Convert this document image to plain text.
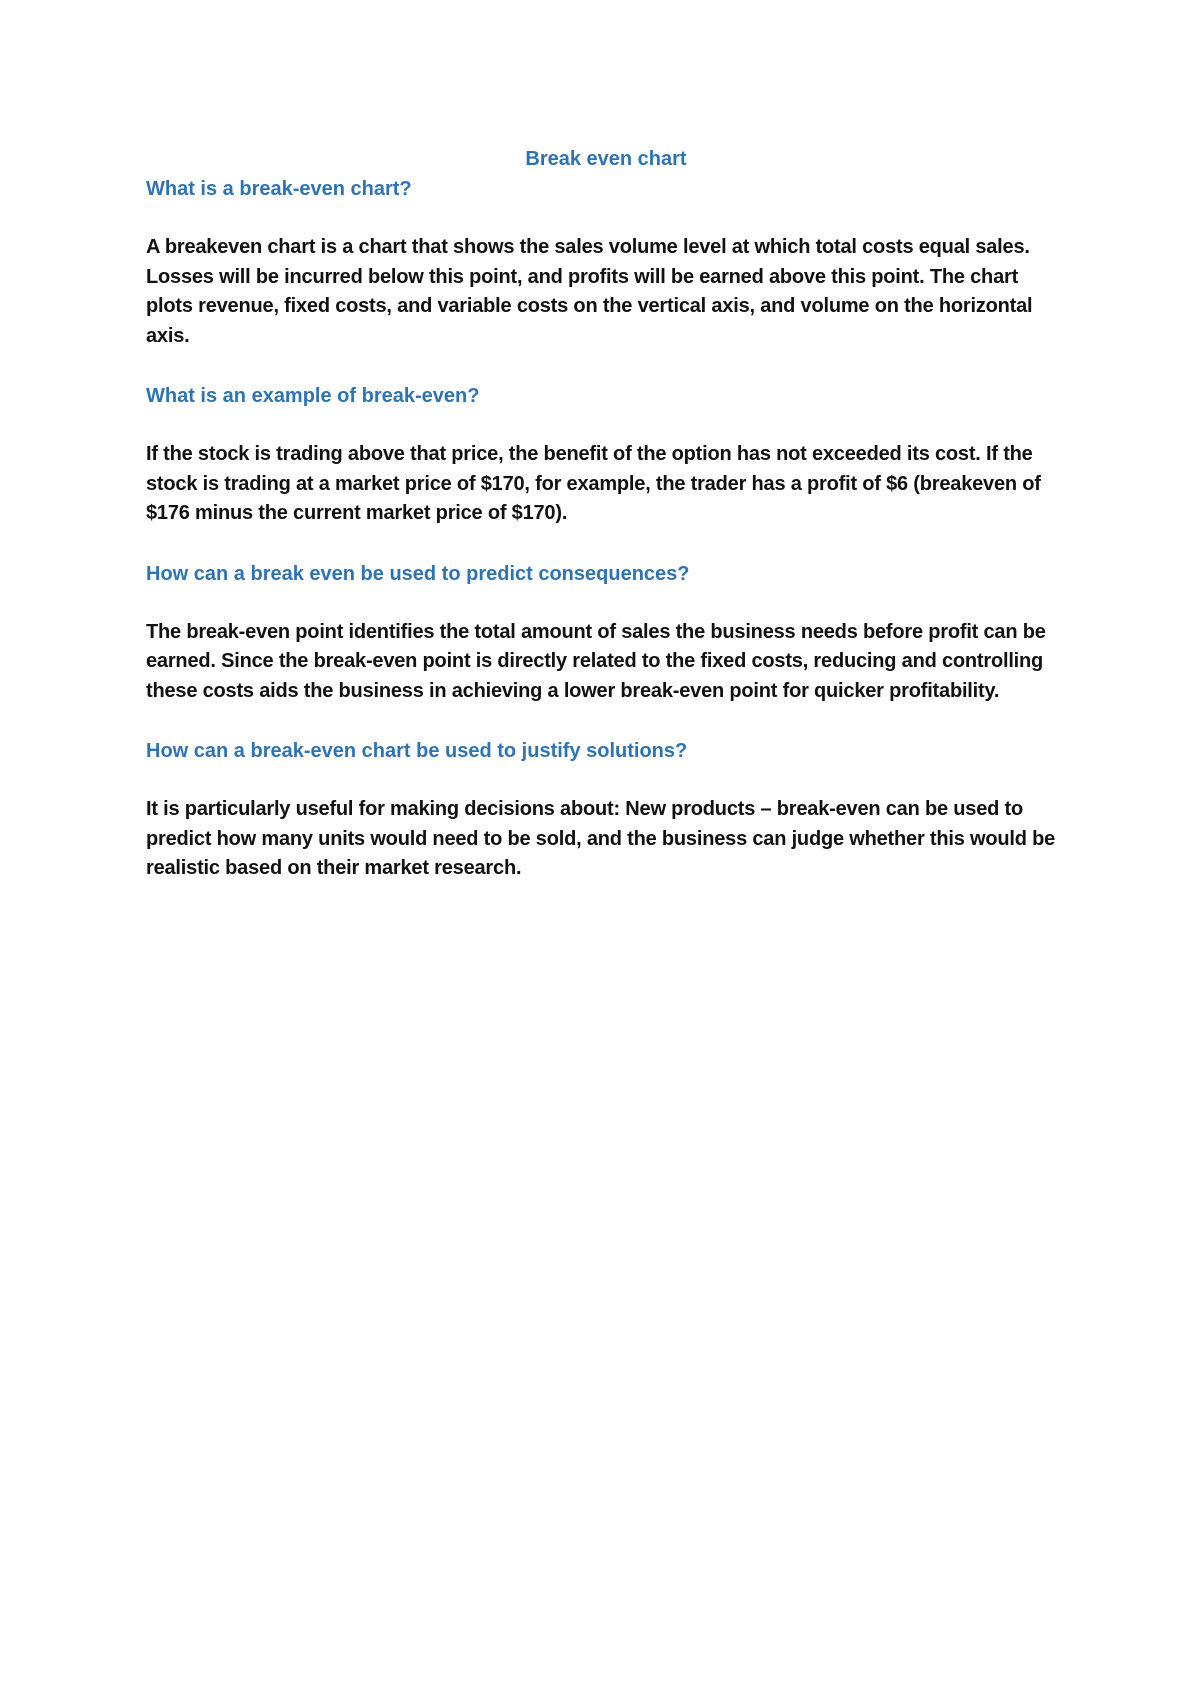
Break even chart
What is a break-even chart?

A breakeven chart is a chart that shows the sales volume level at which total costs equal sales. Losses will be incurred below this point, and profits will be earned above this point. The chart plots revenue, fixed costs, and variable costs on the vertical axis, and volume on the horizontal axis.

What is an example of break-even?

If the stock is trading above that price, the benefit of the option has not exceeded its cost. If the stock is trading at a market price of $170, for example, the trader has a profit of $6 (breakeven of $176 minus the current market price of $170).

How can a break even be used to predict consequences?

The break-even point identifies the total amount of sales the business needs before profit can be earned. Since the break-even point is directly related to the fixed costs, reducing and controlling these costs aids the business in achieving a lower break-even point for quicker profitability.

How can a break-even chart be used to justify solutions?

It is particularly useful for making decisions about: New products – break-even can be used to predict how many units would need to be sold, and the business can judge whether this would be realistic based on their market research.
